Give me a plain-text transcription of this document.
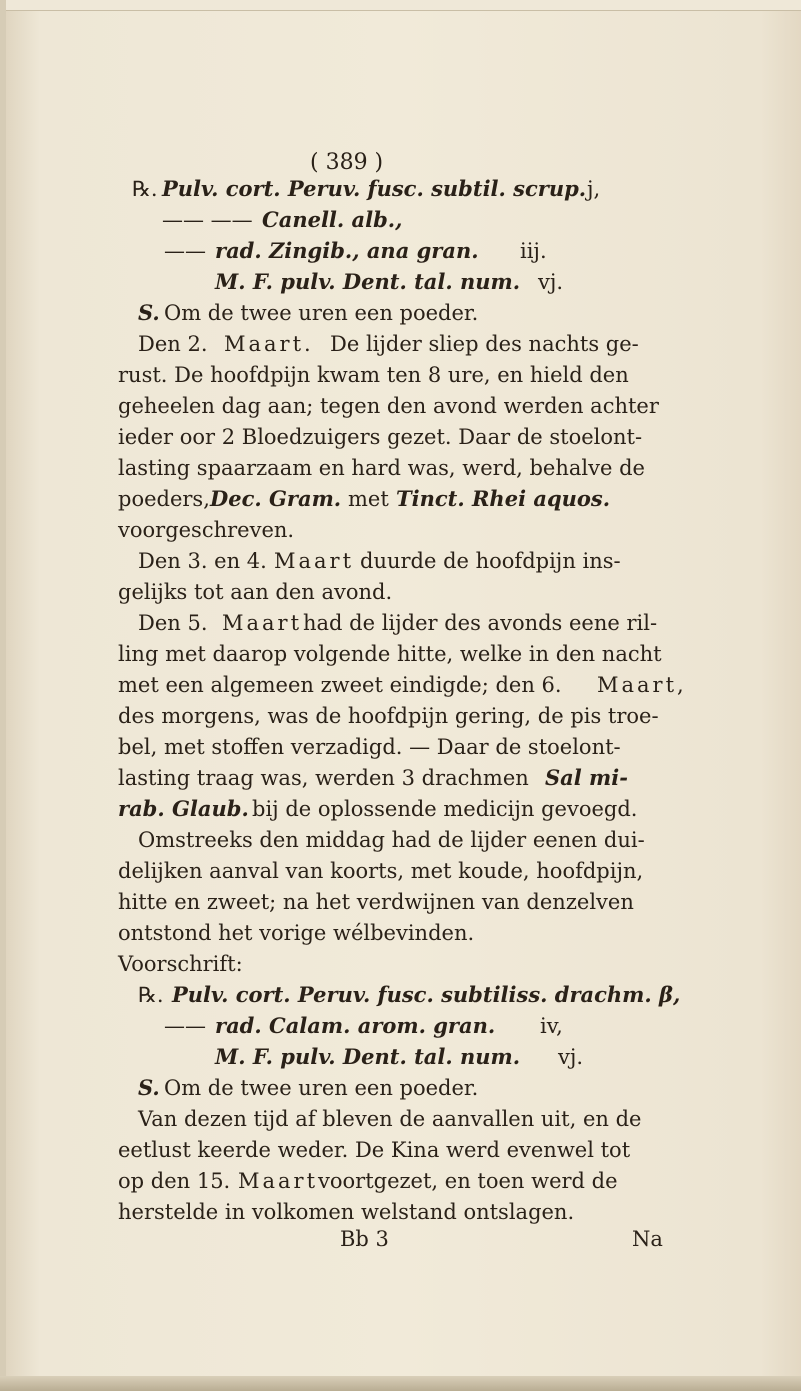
( 389 )
℞. Pulv. cort. Peruv. fusc. subtil. scrup. j,
—— —— Canell. alb.,
—— rad. Zingib., ana gran. iij.
M. F. pulv. Dent. tal. num. vj.
S. Om de twee uren een poeder.
Den 2. Maart. De lijder sliep des nachts ge-
rust. De hoofdpijn kwam ten 8 ure, en hield den
geheelen dag aan; tegen den avond werden achter
ieder oor 2 Bloedzuigers gezet. Daar de stoelont-
lasting spaarzaam en hard was, werd, behalve de
poeders, Dec. Gram. met Tinct. Rhei aquos.
voorgeschreven.
Den 3. en 4. Maart duurde de hoofdpijn ins-
gelijks tot aan den avond.
Den 5. Maart had de lijder des avonds eene ril-
ling met daarop volgende hitte, welke in den nacht
met een algemeen zweet eindigde; den 6. Maart,
des morgens, was de hoofdpijn gering, de pis troe-
bel, met stoffen verzadigd. — Daar de stoelont-
lasting traag was, werden 3 drachmen Sal mi-
rab. Glaub. bij de oplossende medicijn gevoegd.
Omstreeks den middag had de lijder eenen dui-
delijken aanval van koorts, met koude, hoofdpijn,
hitte en zweet; na het verdwijnen van denzelven
ontstond het vorige wélbevinden.
Voorschrift:
℞. Pulv. cort. Peruv. fusc. subtiliss. drachm. β,
—— rad. Calam. arom. gran. iv,
M. F. pulv. Dent. tal. num. vj.
S. Om de twee uren een poeder.
Van dezen tijd af bleven de aanvallen uit, en de
eetlust keerde weder. De Kina werd evenwel tot
op den 15. Maart voortgezet, en toen werd de
herstelde in volkomen welstand ontslagen.
Bb 3	Na
